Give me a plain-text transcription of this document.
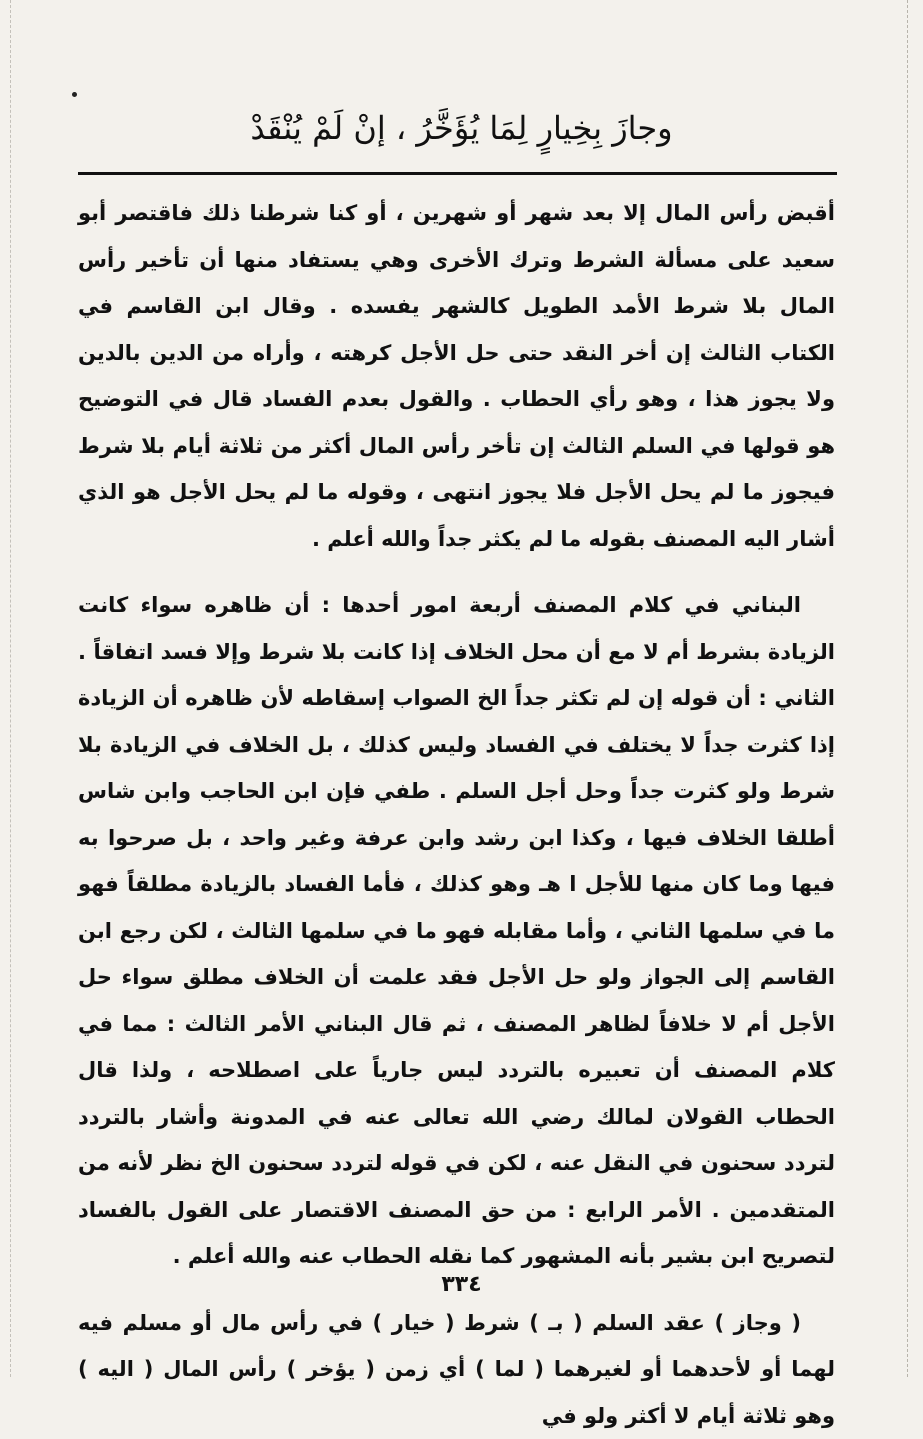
وجازَ بِخِيارٍ لِمَا يُؤَخَّرُ ، إنْ لَمْ يُنْقَدْ

أقبض رأس المال إلا بعد شهر أو شهرين ، أو كنا شرطنا ذلك فاقتصر أبو سعيد على مسألة الشرط وترك الأخرى وهي يستفاد منها أن تأخير رأس المال بلا شرط الأمد الطويل كالشهر يفسده . وقال ابن القاسم في الكتاب الثالث إن أخر النقد حتى حل الأجل كرهته ، وأراه من الدين بالدين ولا يجوز هذا ، وهو رأي الحطاب . والقول بعدم الفساد قال في التوضيح هو قولها في السلم الثالث إن تأخر رأس المال أكثر من ثلاثة أيام بلا شرط فيجوز ما لم يحل الأجل فلا يجوز انتهى ، وقوله ما لم يحل الأجل هو الذي أشار اليه المصنف بقوله ما لم يكثر جداً والله أعلم .

البناني في كلام المصنف أربعة امور أحدها : أن ظاهره سواء كانت الزيادة بشرط أم لا مع أن محل الخلاف إذا كانت بلا شرط وإلا فسد اتفاقاً . الثاني : أن قوله إن لم تكثر جداً الخ الصواب إسقاطه لأن ظاهره أن الزيادة إذا كثرت جداً لا يختلف في الفساد وليس كذلك ، بل الخلاف في الزيادة بلا شرط ولو كثرت جداً وحل أجل السلم . طفي فإن ابن الحاجب وابن شاس أطلقا الخلاف فيها ، وكذا ابن رشد وابن عرفة وغير واحد ، بل صرحوا به فيها وما كان منها للأجل ا هـ وهو كذلك ، فأما الفساد بالزيادة مطلقاً فهو ما في سلمها الثاني ، وأما مقابله فهو ما في سلمها الثالث ، لكن رجع ابن القاسم إلى الجواز ولو حل الأجل فقد علمت أن الخلاف مطلق سواء حل الأجل أم لا خلافاً لظاهر المصنف ، ثم قال البناني الأمر الثالث : مما في كلام المصنف أن تعبيره بالتردد ليس جارياً على اصطلاحه ، ولذا قال الحطاب القولان لمالك رضي الله تعالى عنه في المدونة وأشار بالتردد لتردد سحنون في النقل عنه ، لكن في قوله لتردد سحنون الخ نظر لأنه من المتقدمين . الأمر الرابع : من حق المصنف الاقتصار على القول بالفساد لتصريح ابن بشير بأنه المشهور كما نقله الحطاب عنه والله أعلم .

( وجاز ) عقد السلم ( بـ ) شرط ( خيار ) في رأس مال أو مسلم فيه لهما أو لأحدهما أو لغيرهما ( لما ) أي زمن ( يؤخر ) رأس المال ( اليه ) وهو ثلاثة أيام لا أكثر ولو في

٣٣٤
